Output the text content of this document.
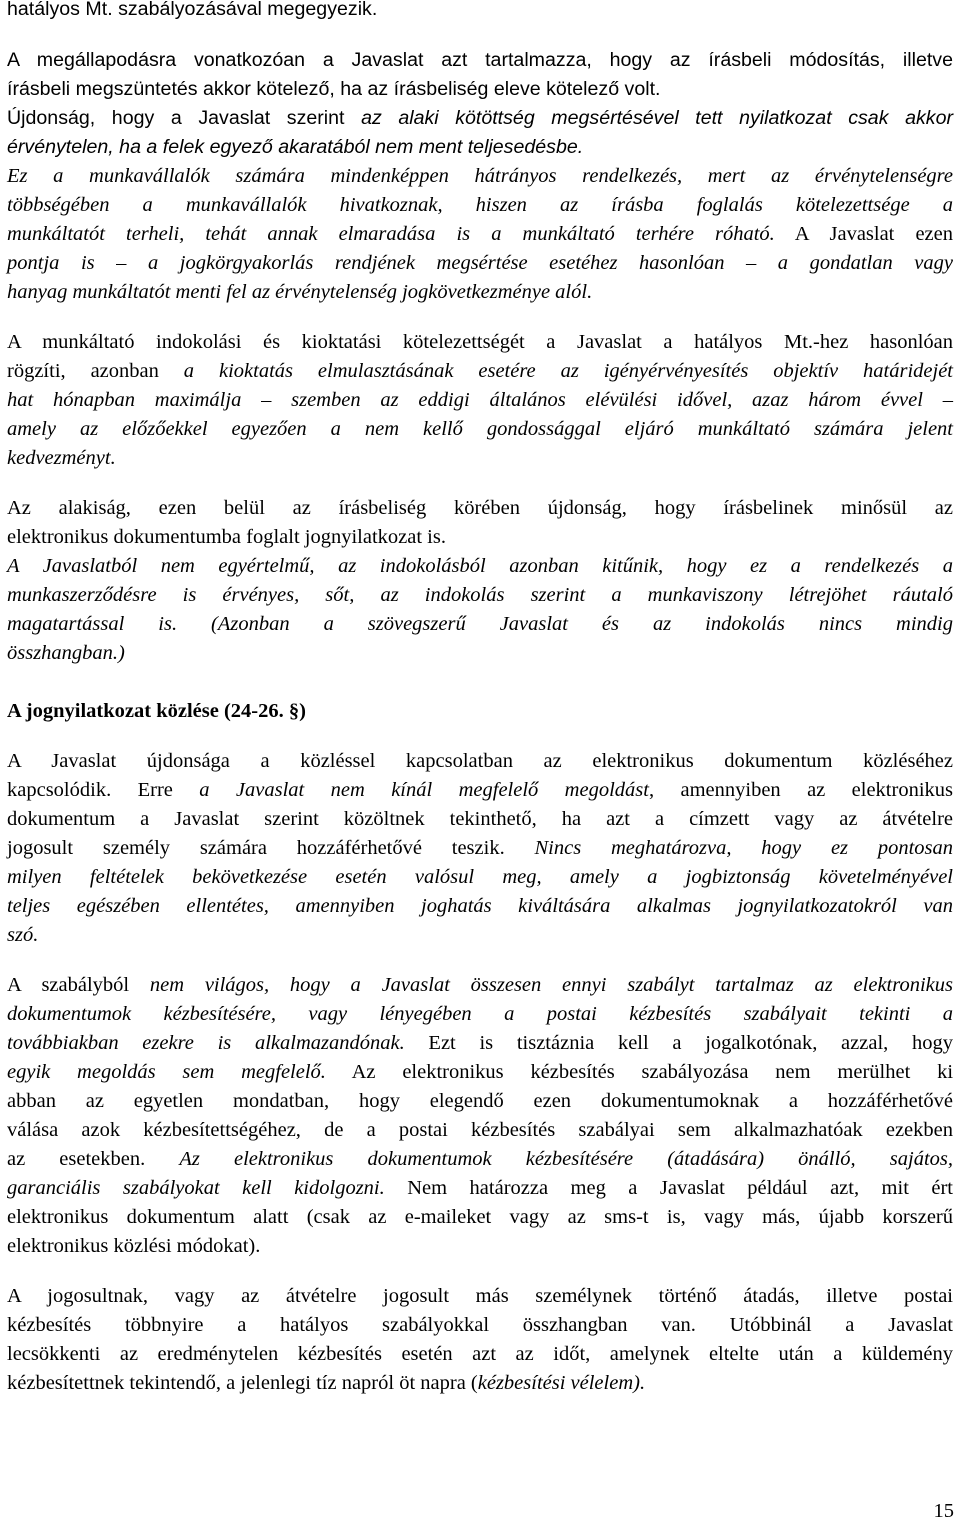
hatályos Mt. szabályozásával megegyezik.
A megállapodásra vonatkozóan a Javaslat azt tartalmazza, hogy az írásbeli módosítás, illetve
írásbeli megszüntetés akkor kötelező, ha az írásbeliség eleve kötelező volt.
Újdonság, hogy a Javaslat szerint az alaki kötöttség megsértésével tett nyilatkozat csak akkor
érvénytelen, ha a felek egyező akaratából nem ment teljesedésbe.

Ez a munkavállalók számára mindenképpen hátrányos rendelkezés, mert az érvénytelenségre
többségében a munkavállalók hivatkoznak, hiszen az írásba foglalás kötelezettsége a
munkáltatót terheli, tehát annak elmaradása is a munkáltató terhére róható. A Javaslat ezen
pontja is – a jogkörgyakorlás rendjének megsértése esetéhez hasonlóan – a gondatlan vagy
hanyag munkáltatót menti fel az érvénytelenség jogkövetkezménye alól.

A munkáltató indokolási és kioktatási kötelezettségét a Javaslat a hatályos Mt.-hez hasonlóan
rögzíti, azonban a kioktatás elmulasztásának esetére az igényérvényesítés objektív határidejét
hat hónapban maximálja – szemben az eddigi általános elévülési idővel, azaz három évvel –
amely az előzőekkel egyezően a nem kellő gondossággal eljáró munkáltató számára jelent
kedvezményt.

Az alakiság, ezen belül az írásbeliség körében újdonság, hogy írásbelinek minősül az
elektronikus dokumentumba foglalt jognyilatkozat is.
A Javaslatból nem egyértelmű, az indokolásból azonban kitűnik, hogy ez a rendelkezés a
munkaszerződésre is érvényes, sőt, az indokolás szerint a munkaviszony létrejöhet ráutaló
magatartással is. (Azonban a szövegszerű Javaslat és az indokolás nincs mindig
összhangban.)

A jognyilatkozat közlése (24-26. §)

A Javaslat újdonsága a közléssel kapcsolatban az elektronikus dokumentum közléséhez
kapcsolódik. Erre a Javaslat nem kínál megfelelő megoldást, amennyiben az elektronikus
dokumentum a Javaslat szerint közöltnek tekinthető, ha azt a címzett vagy az átvételre
jogosult személy számára hozzáférhetővé teszik. Nincs meghatározva, hogy ez pontosan
milyen feltételek bekövetkezése esetén valósul meg, amely a jogbiztonság követelményével
teljes egészében ellentétes, amennyiben joghatás kiváltására alkalmas jognyilatkozatokról van
szó.

A szabályból nem világos, hogy a Javaslat összesen ennyi szabályt tartalmaz az elektronikus
dokumentumok kézbesítésére, vagy lényegében a postai kézbesítés szabályait tekinti a
továbbiakban ezekre is alkalmazandónak. Ezt is tisztáznia kell a jogalkotónak, azzal, hogy
egyik megoldás sem megfelelő. Az elektronikus kézbesítés szabályozása nem merülhet ki
abban az egyetlen mondatban, hogy elegendő ezen dokumentumoknak a hozzáférhetővé
válása azok kézbesítettségéhez, de a postai kézbesítés szabályai sem alkalmazhatóak ezekben
az esetekben. Az elektronikus dokumentumok kézbesítésére (átadására) önálló, sajátos,
garanciális szabályokat kell kidolgozni. Nem határozza meg a Javaslat például azt, mit ért
elektronikus dokumentum alatt (csak az e-maileket vagy az sms-t is, vagy más, újabb korszerű
elektronikus közlési módokat).

A jogosultnak, vagy az átvételre jogosult más személynek történő átadás, illetve postai
kézbesítés többnyire a hatályos szabályokkal összhangban van. Utóbbinál a Javaslat
lecsökkenti az eredménytelen kézbesítés esetén azt az időt, amelynek eltelte után a küldemény
kézbesítettnek tekintendő, a jelenlegi tíz napról öt napra (kézbesítési vélelem).

15
